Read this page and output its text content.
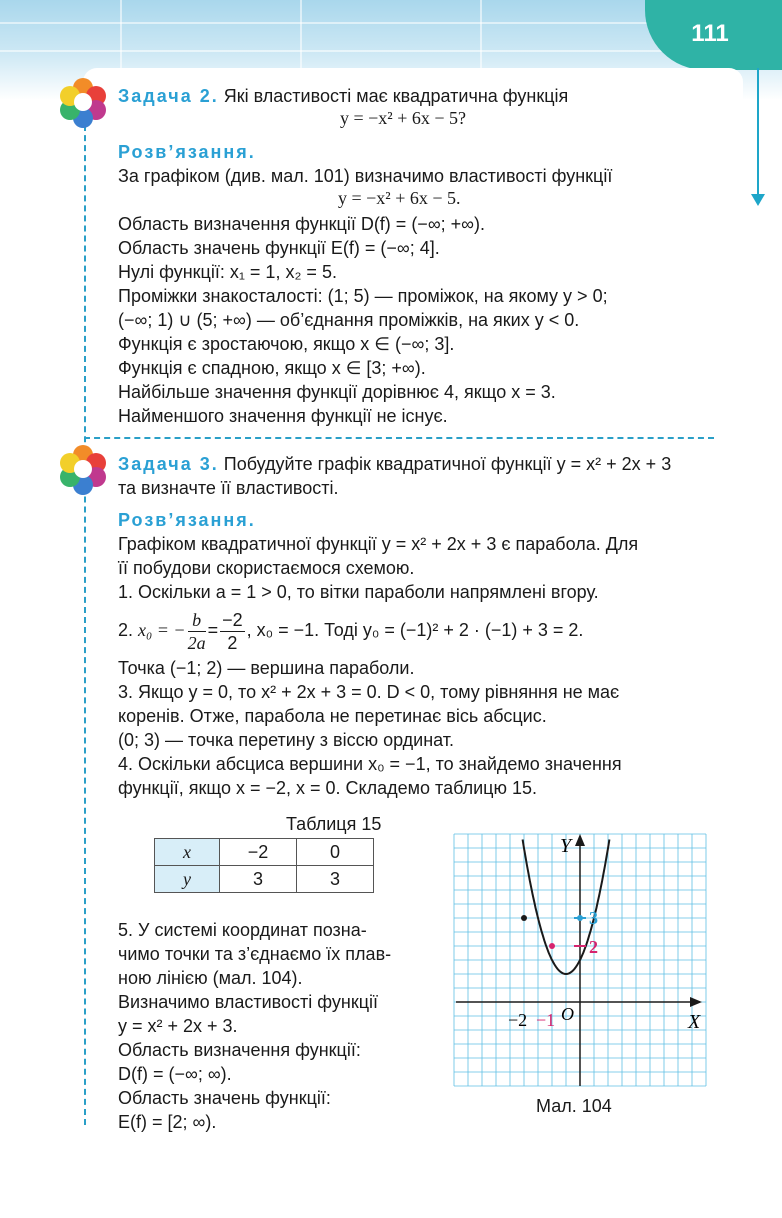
111
Задача 2. Які властивості має квадратична функція
y = −x² + 6x − 5?
Розв’язання.
За графіком (див. мал. 101) визначимо властивості функції
y = −x² + 6x − 5.
Область визначення функції D(f) = (−∞; +∞).
Область значень функції E(f) = (−∞; 4].
Нулі функції: x₁ = 1, x₂ = 5.
Проміжки знакосталості: (1; 5) — проміжок, на якому y > 0;
(−∞; 1) ∪ (5; +∞) — об’єднання проміжків, на яких y < 0.
Функція є зростаючою, якщо x ∈ (−∞; 3].
Функція є спадною, якщо x ∈ [3; +∞).
Найбільше значення функції дорівнює 4, якщо x = 3.
Найменшого значення функції не існує.
Задача 3. Побудуйте графік квадратичної функції y = x² + 2x + 3
та визначте її властивості.
Розв’язання.
Графіком квадратичної функції y = x² + 2x + 3 є парабола. Для
її побудови скористаємося схемою.
1. Оскільки a = 1 > 0, то вітки параболи напрямлені вгору.
2. x₀ = − $\frac{b}{2a} = \frac{-2}{2}$ , x₀ = −1. Тоді y₀ = (−1)² + 2 · (−1) + 3 = 2.
Точка (−1; 2) — вершина параболи.
3. Якщо y = 0, то x² + 2x + 3 = 0. D < 0, тому рівняння не має
коренів. Отже, парабола не перетинає вісь абсцис.
(0; 3) — точка перетину з віссю ординат.
4. Оскільки абсциса вершини x₀ = −1, то знайдемо значення
функції, якщо x = −2, x = 0. Складемо таблицю 15.
Таблиця 15
x	−2	0
y	3	3
5. У системі координат позна-
чимо точки та з’єднаємо їх плав-
ною лінією (мал. 104).
Визначимо властивості функції
y = x² + 2x + 3.
Область визначення функції:
D(f) = (−∞; ∞).
Область значень функції:
E(f) = [2; ∞).
Y
X
O
−2 −1
2
3
Мал. 104
